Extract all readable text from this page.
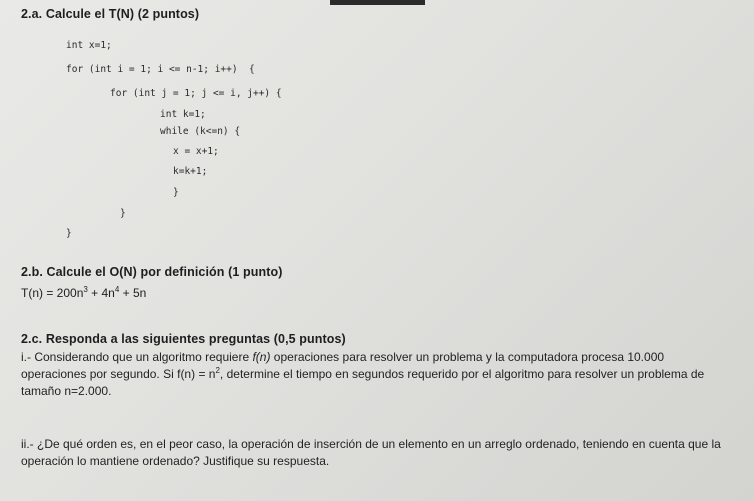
2.a. Calcule el T(N) (2 puntos)
int x=1;
for (int i = 1; i <= n-1; i++)  {
for (int j = 1; j <= i, j++) {
int k=1;
while (k<=n) {
x = x+1;
k=k+1;
}
}
}
2.b. Calcule el O(N) por definición (1 punto)
$T(n) = 200n^3 + 4n^4 + 5n$
2.c. Responda a las siguientes preguntas (0,5 puntos)
i.- Considerando que un algoritmo requiere f(n) operaciones para resolver un problema y la computadora procesa 10.000 operaciones por segundo. Si $f(n) = n^2$, determine el tiempo en segundos requerido por el algoritmo para resolver un problema de tamaño n=2.000.
ii.- ¿De qué orden es, en el peor caso, la operación de inserción de un elemento en un arreglo ordenado, teniendo en cuenta que la operación lo mantiene ordenado? Justifique su respuesta.
